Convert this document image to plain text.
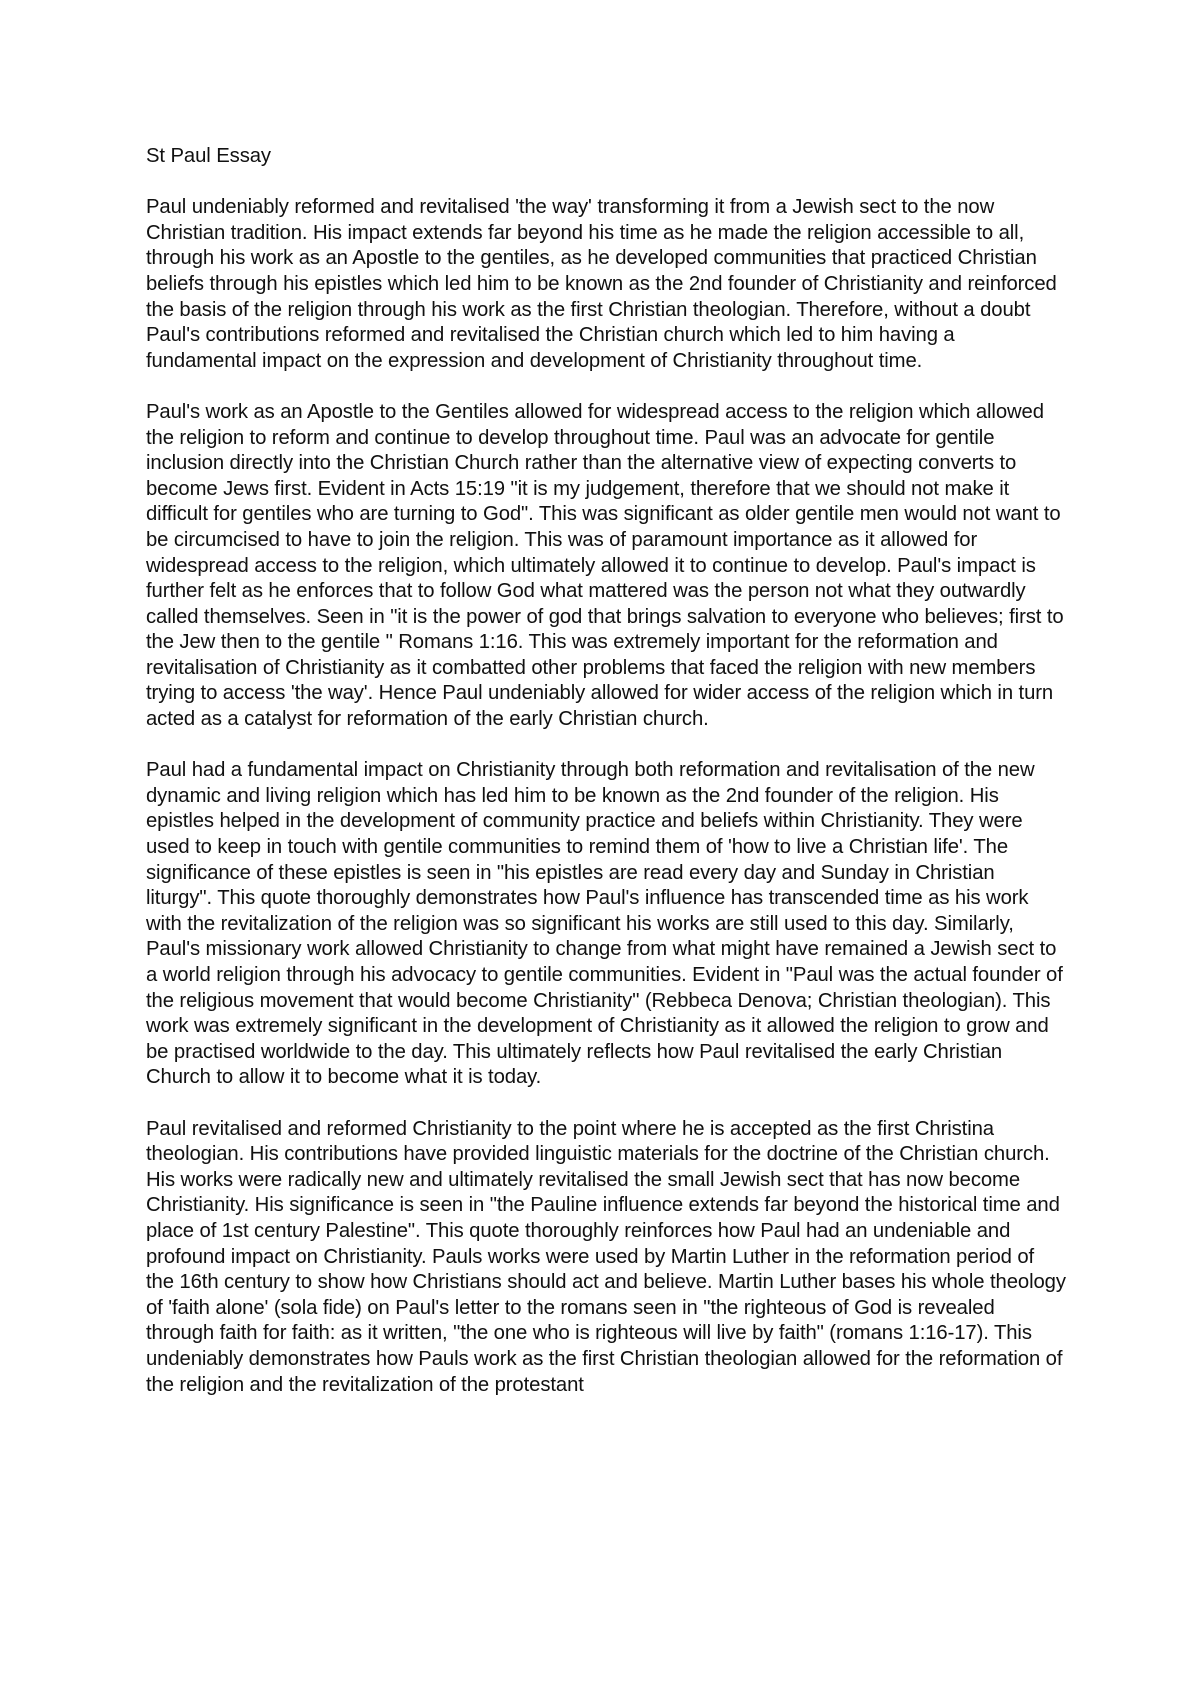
St Paul Essay

Paul undeniably reformed and revitalised 'the way' transforming it from a Jewish sect to the now Christian tradition. His impact extends far beyond his time as he made the religion accessible to all, through his work as an Apostle to the gentiles, as he developed communities that practiced Christian beliefs through his epistles which led him to be known as the 2nd founder of Christianity and reinforced the basis of the religion through his work as the first Christian theologian. Therefore, without a doubt Paul's contributions reformed and revitalised the Christian church which led to him having a fundamental impact on the expression and development of Christianity throughout time.

Paul's work as an Apostle to the Gentiles allowed for widespread access to the religion which allowed the religion to reform and continue to develop throughout time. Paul was an advocate for gentile inclusion directly into the Christian Church rather than the alternative view of expecting converts to become Jews first. Evident in Acts 15:19 "it is my judgement, therefore that we should not make it difficult for gentiles who are turning to God". This was significant as older gentile men would not want to be circumcised to have to join the religion. This was of paramount importance as it allowed for widespread access to the religion, which ultimately allowed it to continue to develop. Paul's impact is further felt as he enforces that to follow God what mattered was the person not what they outwardly called themselves. Seen in "it is the power of god that brings salvation to everyone who believes; first to the Jew then to the gentile " Romans 1:16. This was extremely important for the reformation and revitalisation of Christianity as it combatted other problems that faced the religion with new members trying to access 'the way'. Hence Paul undeniably allowed for wider access of the religion which in turn acted as a catalyst for reformation of the early Christian church.

Paul had a fundamental impact on Christianity through both reformation and revitalisation of the new dynamic and living religion which has led him to be known as the 2nd founder of the religion. His epistles helped in the development of community practice and beliefs within Christianity. They were used to keep in touch with gentile communities to remind them of 'how to live a Christian life'. The significance of these epistles is seen in "his epistles are read every day and Sunday in Christian liturgy". This quote thoroughly demonstrates how Paul's influence has transcended time as his work with the revitalization of the religion was so significant his works are still used to this day. Similarly, Paul's missionary work allowed Christianity to change from what might have remained a Jewish sect to a world religion through his advocacy to gentile communities. Evident in "Paul was the actual founder of the religious movement that would become Christianity" (Rebbeca Denova; Christian theologian). This work was extremely significant in the development of Christianity as it allowed the religion to grow and be practised worldwide to the day. This ultimately reflects how Paul revitalised the early Christian Church to allow it to become what it is today.

Paul revitalised and reformed Christianity to the point where he is accepted as the first Christina theologian. His contributions have provided linguistic materials for the doctrine of the Christian church. His works were radically new and ultimately revitalised the small Jewish sect that has now become Christianity. His significance is seen in "the Pauline influence extends far beyond the historical time and place of 1st century Palestine". This quote thoroughly reinforces how Paul had an undeniable and profound impact on Christianity. Pauls works were used by Martin Luther in the reformation period of the 16th century to show how Christians should act and believe. Martin Luther bases his whole theology of 'faith alone' (sola fide) on Paul's letter to the romans seen in "the righteous of God is revealed through faith for faith: as it written, "the one who is righteous will live by faith" (romans 1:16-17). This undeniably demonstrates how Pauls work as the first Christian theologian allowed for the reformation of the religion and the revitalization of the protestant
